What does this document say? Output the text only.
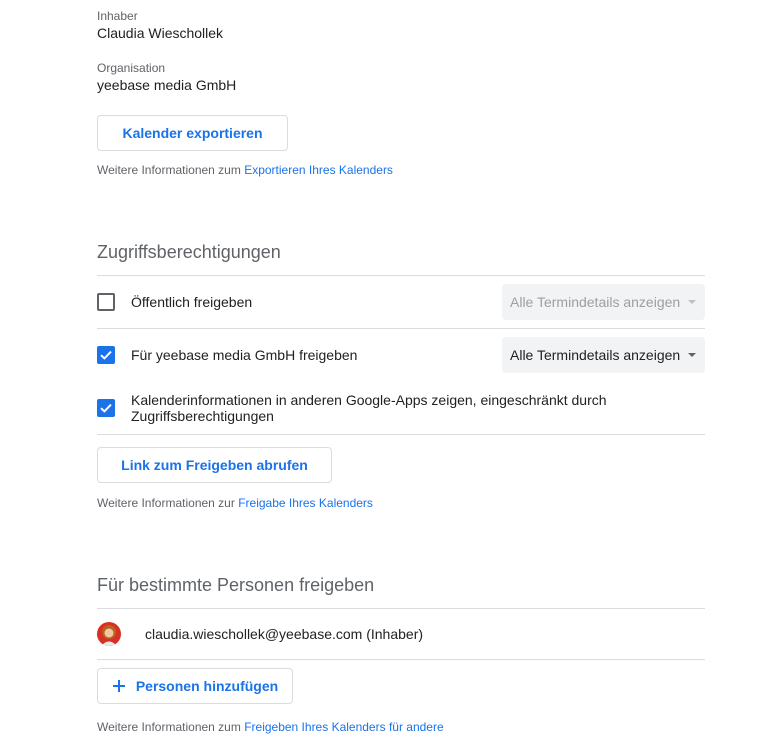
Inhaber
Claudia Wieschollek
Organisation
yeebase media GmbH
Kalender exportieren
Weitere Informationen zum Exportieren Ihres Kalenders
Zugriffsberechtigungen
Öffentlich freigeben	Alle Termindetails anzeigen
Für yeebase media GmbH freigeben	Alle Termindetails anzeigen
Kalenderinformationen in anderen Google-Apps zeigen, eingeschränkt durch
Zugriffsberechtigungen
Link zum Freigeben abrufen
Weitere Informationen zur Freigabe Ihres Kalenders
Für bestimmte Personen freigeben
claudia.wieschollek@yeebase.com (Inhaber)
Personen hinzufügen
Weitere Informationen zum Freigeben Ihres Kalenders für andere
